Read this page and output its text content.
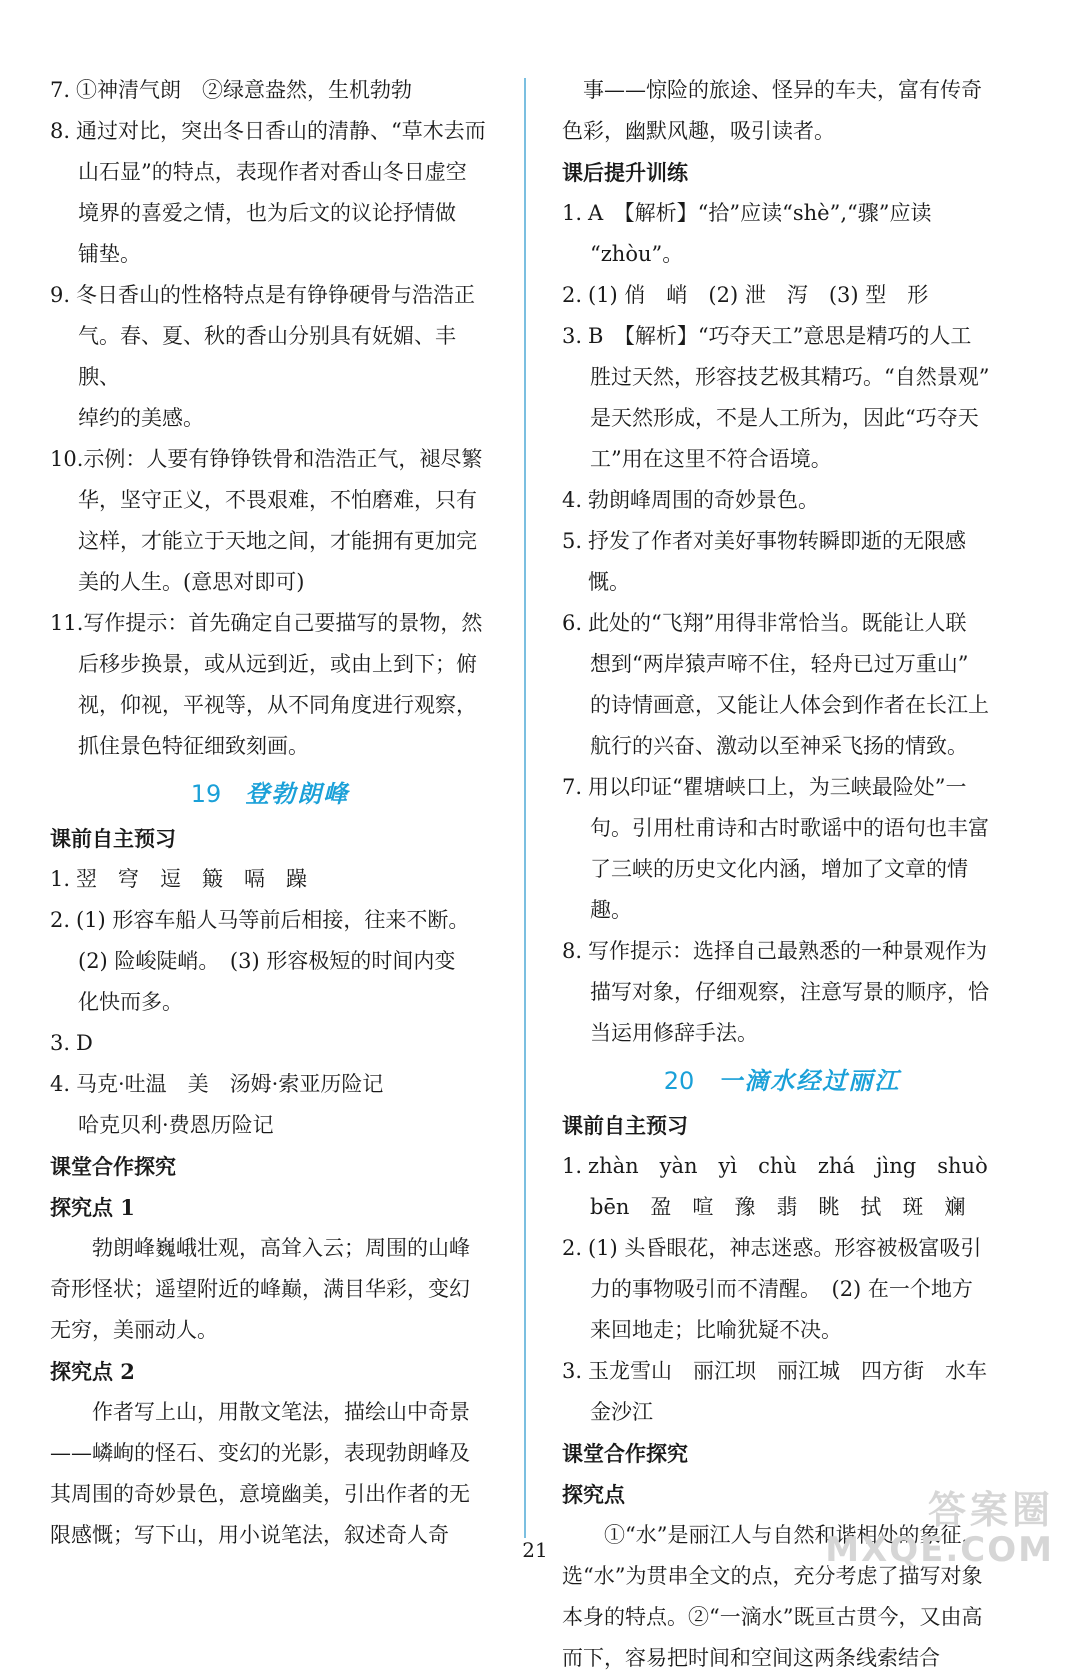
7. ①神清气朗　②绿意盎然，生机勃勃
8. 通过对比，突出冬日香山的清静、“草木去而
山石显”的特点，表现作者对香山冬日虚空
境界的喜爱之情，也为后文的议论抒情做
铺垫。
9. 冬日香山的性格特点是有铮铮硬骨与浩浩正
气。春、夏、秋的香山分别具有妩媚、丰腴、
绰约的美感。
10. 示例：人要有铮铮铁骨和浩浩正气，褪尽繁
华，坚守正义，不畏艰难，不怕磨难，只有
这样，才能立于天地之间，才能拥有更加完
美的人生。(意思对即可)
11. 写作提示：首先确定自己要描写的景物，然
后移步换景，或从远到近，或由上到下；俯
视，仰视，平视等，从不同角度进行观察，
抓住景色特征细致刻画。
19 登勃朗峰
课前自主预习
1. 翌　穹　逗　簸　嗝　躁
2. (1) 形容车船人马等前后相接，往来不断。
(2) 险峻陡峭。　(3) 形容极短的时间内变
化快而多。
3. D
4. 马克·吐温　美　汤姆·索亚历险记
哈克贝利·费恩历险记
课堂合作探究
探究点 1
勃朗峰巍峨壮观，高耸入云；周围的山峰奇形怪状；遥望附近的峰巅，满目华彩，变幻无穷，美丽动人。
探究点 2
作者写上山，用散文笔法，描绘山中奇景——嶙峋的怪石、变幻的光影，表现勃朗峰及其周围的奇妙景色，意境幽美，引出作者的无限感慨；写下山，用小说笔法，叙述奇人奇
事——惊险的旅途、怪异的车夫，富有传奇色彩，幽默风趣，吸引读者。
课后提升训练
1. A　【解析】“拾”应读“shè”,“骤”应读
“zhòu”。
2. (1) 俏　峭　(2) 泄　泻　(3) 型　形
3. B　【解析】“巧夺天工”意思是精巧的人工
胜过天然，形容技艺极其精巧。“自然景观”
是天然形成，不是人工所为，因此“巧夺天
工”用在这里不符合语境。
4. 勃朗峰周围的奇妙景色。
5. 抒发了作者对美好事物转瞬即逝的无限感慨。
6. 此处的“飞翔”用得非常恰当。既能让人联
想到“两岸猿声啼不住，轻舟已过万重山”
的诗情画意，又能让人体会到作者在长江上
航行的兴奋、激动以至神采飞扬的情致。
7. 用以印证“瞿塘峡口上，为三峡最险处”一
句。引用杜甫诗和古时歌谣中的语句也丰富
了三峡的历史文化内涵，增加了文章的情趣。
8. 写作提示：选择自己最熟悉的一种景观作为
描写对象，仔细观察，注意写景的顺序，恰
当运用修辞手法。
20 一滴水经过丽江
课前自主预习
1. zhàn　yàn　yì　chù　zhá　jìng　shuò
bēn　盈　喧　豫　翡　眺　拭　斑　斓
2. (1) 头昏眼花，神志迷惑。形容被极富吸引
力的事物吸引而不清醒。　(2) 在一个地方
来回地走；比喻犹疑不决。
3. 玉龙雪山　丽江坝　丽江城　四方街　水车
金沙江
课堂合作探究
探究点
①“水”是丽江人与自然和谐相处的象征，选“水”为贯串全文的点，充分考虑了描写对象本身的特点。②“一滴水”既亘古贯今，又由高而下，容易把时间和空间这两条线索结合
21
答案圈
MXQE.COM
